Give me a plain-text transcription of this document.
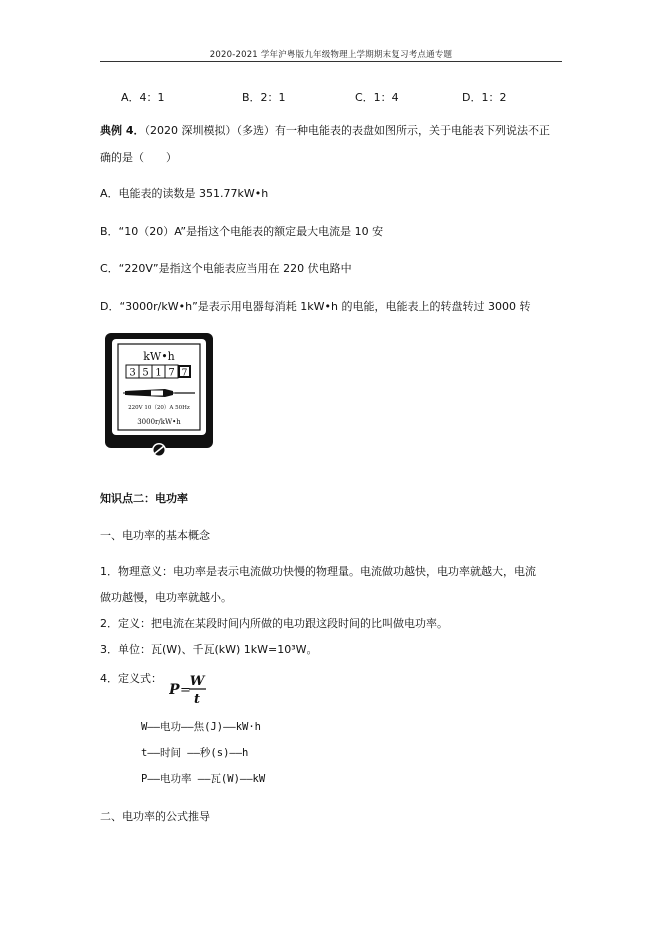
2020-2021 学年沪粤版九年级物理上学期期末复习考点通专题
A．4：1	B．2：1	C．1：4	D．1：2
典例 4．（2020 深圳模拟）（多选）有一种电能表的表盘如图所示，关于电能表下列说法不正
确的是（　　）
A．电能表的读数是 351.77kW•h
B．“10（20）A”是指这个电能表的额定最大电流是 10 安
C．“220V”是指这个电能表应当用在 220 伏电路中
D．“3000r/kW•h”是表示用电器每消耗 1kW•h 的电能，电能表上的转盘转过 3000 转
kW•h
3 5 1 7 7
220V 10（20）A 50Hz
3000r/kW•h
知识点二：电功率
一、电功率的基本概念
1．物理意义：电功率是表示电流做功快慢的物理量。电流做功越快，电功率就越大，电流
做功越慢，电功率就越小。
2．定义：把电流在某段时间内所做的电功跟这段时间的比叫做电功率。
3．单位：瓦(W)、千瓦(kW) 1kW=10³W。
4．定义式：
P =
W
t
W——电功——焦(J)——kW·h
t——时间 ——秒(s)——h
P——电功率 ——瓦(W)——kW
二、电功率的公式推导
